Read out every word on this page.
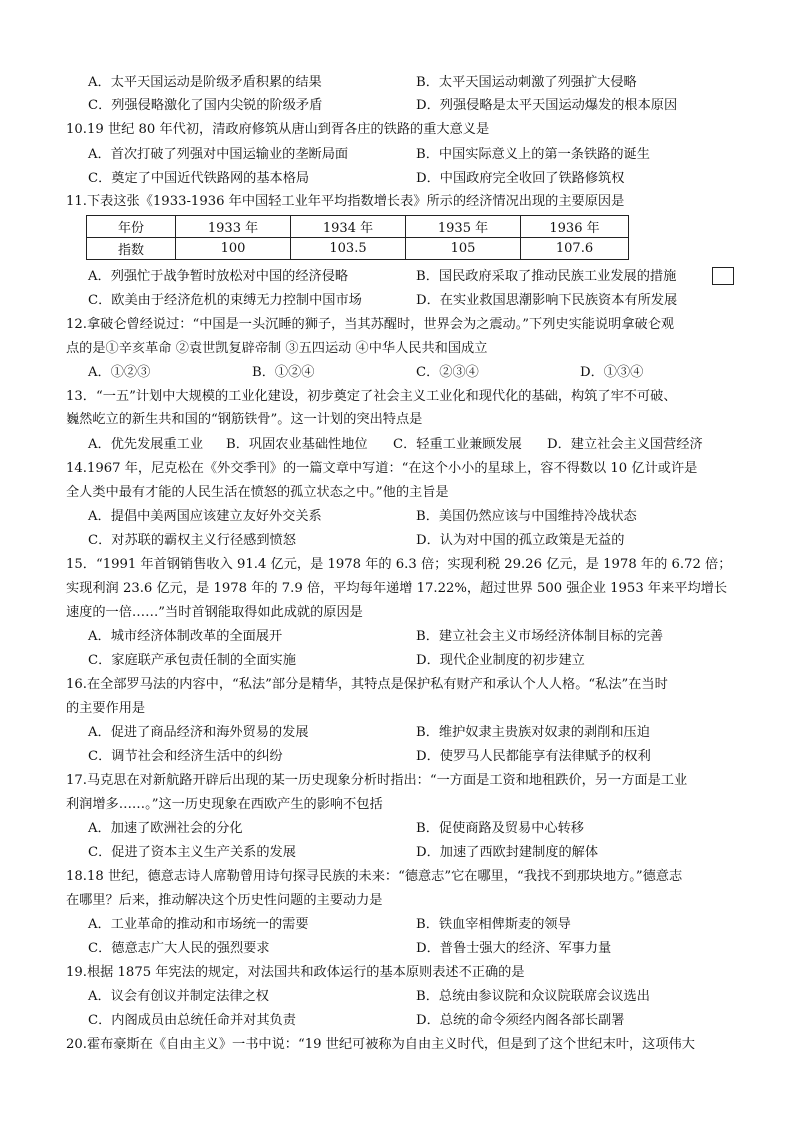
A．太平天国运动是阶级矛盾积累的结果	B．太平天国运动刺激了列强扩大侵略
C．列强侵略激化了国内尖锐的阶级矛盾	D．列强侵略是太平天国运动爆发的根本原因
10.19 世纪 80 年代初，清政府修筑从唐山到胥各庄的铁路的重大意义是
A．首次打破了列强对中国运输业的垄断局面	B．中国实际意义上的第一条铁路的诞生
C．奠定了中国近代铁路网的基本格局	D．中国政府完全收回了铁路修筑权
11.下表这张《1933-1936 年中国轻工业年平均指数增长表》所示的经济情况出现的主要原因是
年份	1933 年	1934 年	1935 年	1936 年
指数	100	103.5	105	107.6
A．列强忙于战争暂时放松对中国的经济侵略	B．国民政府采取了推动民族工业发展的措施
C．欧美由于经济危机的束缚无力控制中国市场	D．在实业救国思潮影响下民族资本有所发展
12.拿破仑曾经说过：“中国是一头沉睡的狮子，当其苏醒时，世界会为之震动。”下列史实能说明拿破仑观
点的是①辛亥革命 ②袁世凯复辟帝制 ③五四运动 ④中华人民共和国成立
A．①②③	B．①②④	C．②③④	D．①③④
13．“一五”计划中大规模的工业化建设，初步奠定了社会主义工业化和现代化的基础，构筑了牢不可破、
巍然屹立的新生共和国的“钢筋铁骨”。这一计划的突出特点是
A．优先发展重工业 B．巩固农业基础性地位 C．轻重工业兼顾发展 D．建立社会主义国营经济
14.1967 年，尼克松在《外交季刊》的一篇文章中写道：“在这个小小的星球上，容不得数以 10 亿计或许是
全人类中最有才能的人民生活在愤怒的孤立状态之中。”他的主旨是
A．提倡中美两国应该建立友好外交关系	B．美国仍然应该与中国维持冷战状态
C．对苏联的霸权主义行径感到愤怒	D．认为对中国的孤立政策是无益的
15．“1991 年首钢销售收入 91.4 亿元，是 1978 年的 6.3 倍；实现利税 29.26 亿元，是 1978 年的 6.72 倍；
实现利润 23.6 亿元，是 1978 年的 7.9 倍，平均每年递增 17.22%，超过世界 500 强企业 1953 年来平均增长
速度的一倍……”当时首钢能取得如此成就的原因是
A．城市经济体制改革的全面展开	B．建立社会主义市场经济体制目标的完善
C．家庭联产承包责任制的全面实施	D．现代企业制度的初步建立
16.在全部罗马法的内容中，“私法”部分是精华，其特点是保护私有财产和承认个人人格。“私法”在当时
的主要作用是
A．促进了商品经济和海外贸易的发展	B．维护奴隶主贵族对奴隶的剥削和压迫
C．调节社会和经济生活中的纠纷	D．使罗马人民都能享有法律赋予的权利
17.马克思在对新航路开辟后出现的某一历史现象分析时指出：“一方面是工资和地租跌价，另一方面是工业
利润增多……。”这一历史现象在西欧产生的影响不包括
A．加速了欧洲社会的分化	B．促使商路及贸易中心转移
C．促进了资本主义生产关系的发展	D．加速了西欧封建制度的解体
18.18 世纪，德意志诗人席勒曾用诗句探寻民族的未来：“德意志”它在哪里，“我找不到那块地方。”德意志
在哪里？后来，推动解决这个历史性问题的主要动力是
A．工业革命的推动和市场统一的需要	B．铁血宰相俾斯麦的领导
C．德意志广大人民的强烈要求	D．普鲁士强大的经济、军事力量
19.根据 1875 年宪法的规定，对法国共和政体运行的基本原则表述不正确的是
A．议会有创议并制定法律之权	B．总统由参议院和众议院联席会议选出
C．内阁成员由总统任命并对其负责	D．总统的命令须经内阁各部长副署
20.霍布豪斯在《自由主义》一书中说：“19 世纪可被称为自由主义时代，但是到了这个世纪末叶，这项伟大
